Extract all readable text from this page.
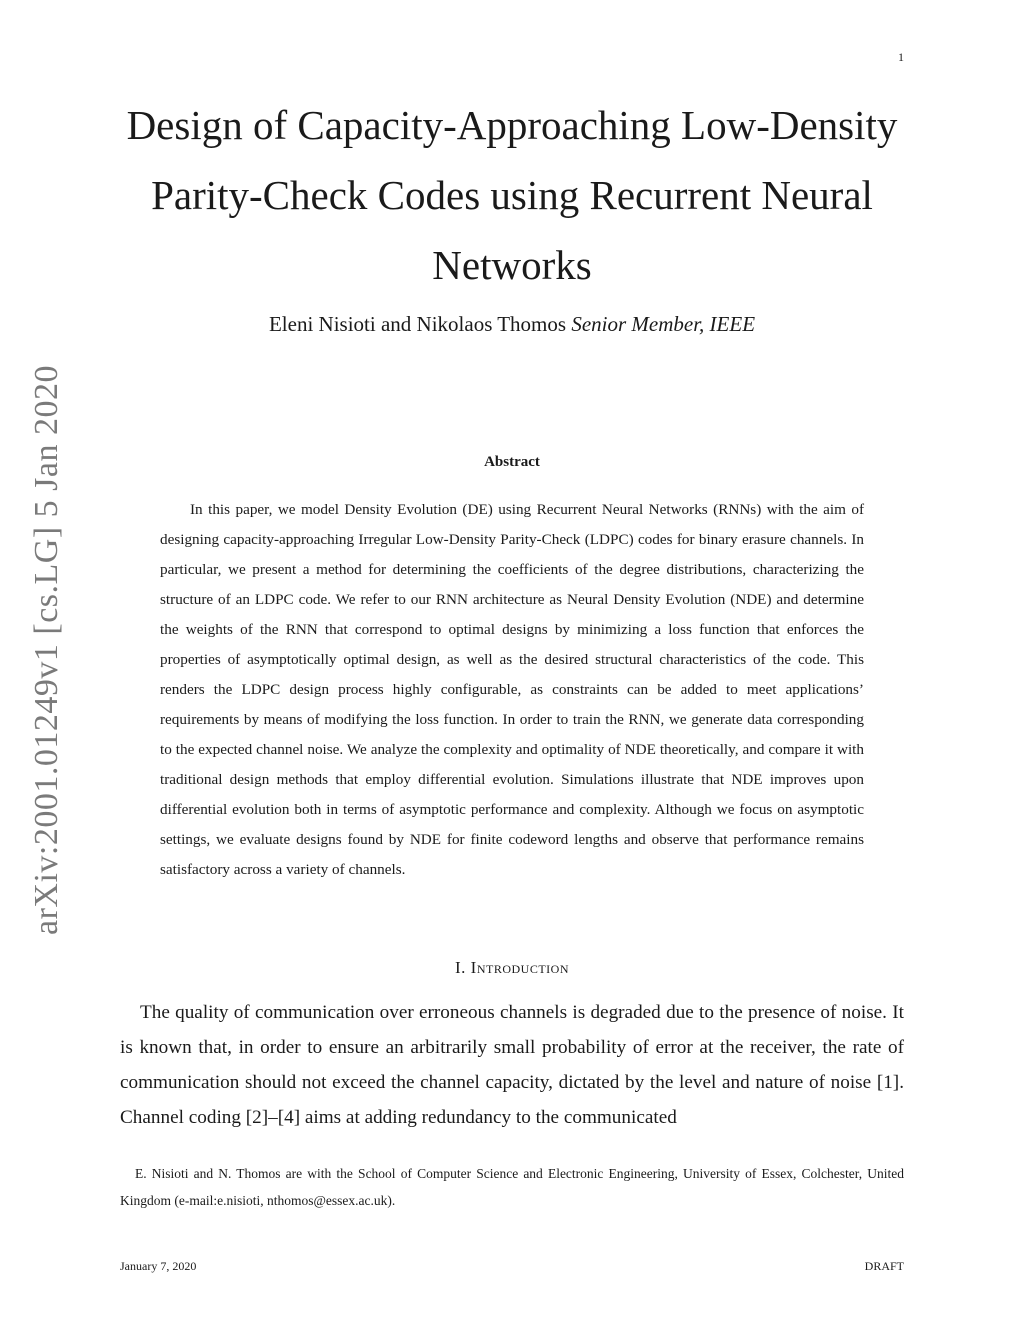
1
arXiv:2001.01249v1 [cs.LG] 5 Jan 2020
Design of Capacity-Approaching Low-Density Parity-Check Codes using Recurrent Neural Networks
Eleni Nisioti and Nikolaos Thomos Senior Member, IEEE
Abstract

In this paper, we model Density Evolution (DE) using Recurrent Neural Networks (RNNs) with the aim of designing capacity-approaching Irregular Low-Density Parity-Check (LDPC) codes for binary erasure channels. In particular, we present a method for determining the coefficients of the degree distributions, characterizing the structure of an LDPC code. We refer to our RNN architecture as Neural Density Evolution (NDE) and determine the weights of the RNN that correspond to optimal designs by minimizing a loss function that enforces the properties of asymptotically optimal design, as well as the desired structural characteristics of the code. This renders the LDPC design process highly configurable, as constraints can be added to meet applications’ requirements by means of modifying the loss function. In order to train the RNN, we generate data corresponding to the expected channel noise. We analyze the complexity and optimality of NDE theoretically, and compare it with traditional design methods that employ differential evolution. Simulations illustrate that NDE improves upon differential evolution both in terms of asymptotic performance and complexity. Although we focus on asymptotic settings, we evaluate designs found by NDE for finite codeword lengths and observe that performance remains satisfactory across a variety of channels.

I. Introduction

The quality of communication over erroneous channels is degraded due to the presence of noise. It is known that, in order to ensure an arbitrarily small probability of error at the receiver, the rate of communication should not exceed the channel capacity, dictated by the level and nature of noise [1]. Channel coding [2]–[4] aims at adding redundancy to the communicated

E. Nisioti and N. Thomos are with the School of Computer Science and Electronic Engineering, University of Essex, Colchester, United Kingdom (e-mail:e.nisioti, nthomos@essex.ac.uk).

January 7, 2020	DRAFT
